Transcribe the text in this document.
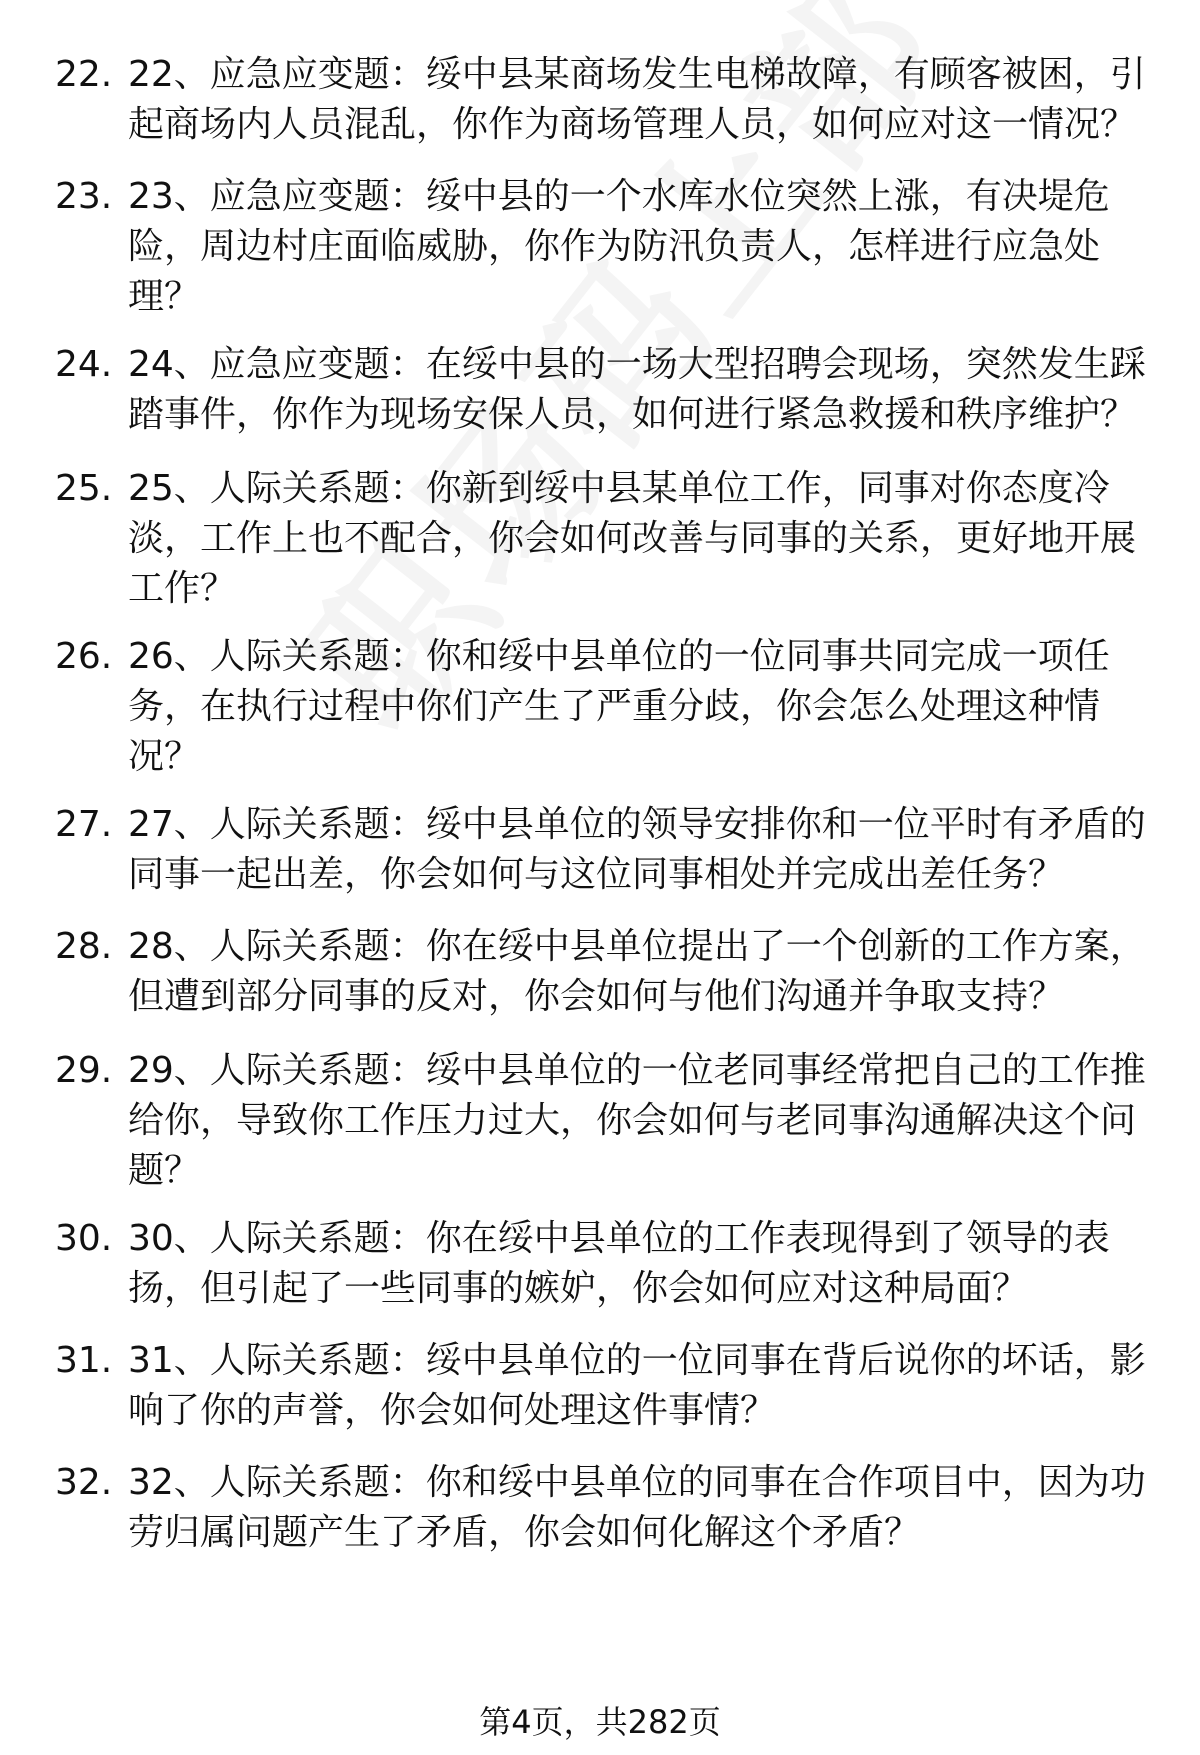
22. 22、应急应变题：绥中县某商场发生电梯故障，有顾客被困，引起商场内人员混乱，你作为商场管理人员，如何应对这一情况？

23. 23、应急应变题：绥中县的一个水库水位突然上涨，有决堤危险，周边村庄面临威胁，你作为防汛负责人，怎样进行应急处理？

24. 24、应急应变题：在绥中县的一场大型招聘会现场，突然发生踩踏事件，你作为现场安保人员，如何进行紧急救援和秩序维护？

25. 25、人际关系题：你新到绥中县某单位工作，同事对你态度冷淡，工作上也不配合，你会如何改善与同事的关系，更好地开展工作？

26. 26、人际关系题：你和绥中县单位的一位同事共同完成一项任务，在执行过程中你们产生了严重分歧，你会怎么处理这种情况？

27. 27、人际关系题：绥中县单位的领导安排你和一位平时有矛盾的同事一起出差，你会如何与这位同事相处并完成出差任务？

28. 28、人际关系题：你在绥中县单位提出了一个创新的工作方案，但遭到部分同事的反对，你会如何与他们沟通并争取支持？

29. 29、人际关系题：绥中县单位的一位老同事经常把自己的工作推给你，导致你工作压力过大，你会如何与老同事沟通解决这个问题？

30. 30、人际关系题：你在绥中县单位的工作表现得到了领导的表扬，但引起了一些同事的嫉妒，你会如何应对这种局面？

31. 31、人际关系题：绥中县单位的一位同事在背后说你的坏话，影响了你的声誉，你会如何处理这件事情？

32. 32、人际关系题：你和绥中县单位的同事在合作项目中，因为功劳归属问题产生了矛盾，你会如何化解这个矛盾？

第4页，共282页
